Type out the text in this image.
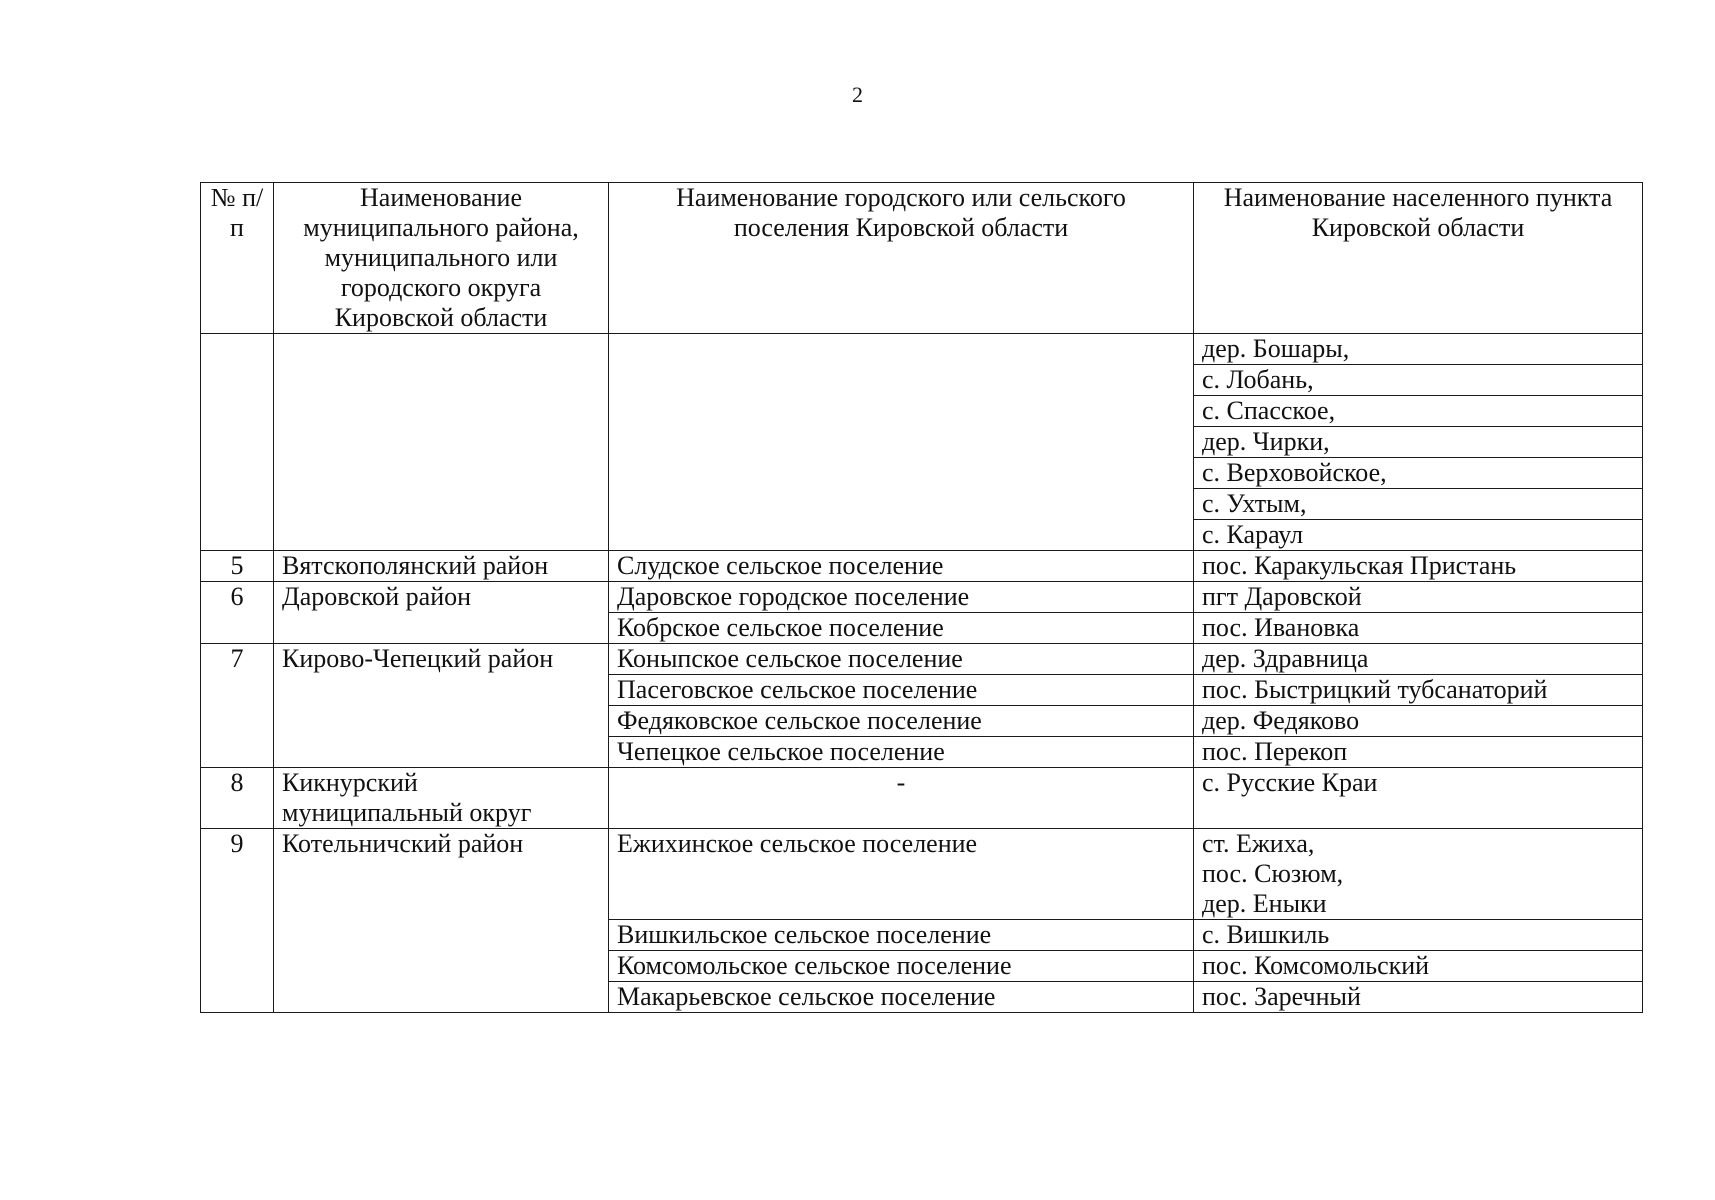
2
№ п/п	Наименование муниципального района, муниципального или городского округа Кировской области	Наименование городского или сельского поселения Кировской области	Наименование населенного пункта Кировской области
			дер. Бошары,
			с. Лобань,
			с. Спасское,
			дер. Чирки,
			с. Верховойское,
			с. Ухтым,
			с. Караул
5	Вятскополянский район	Слудское сельское поселение	пос. Каракульская Пристань
6	Даровской район	Даровское городское поселение	пгт Даровской
		Кобрское сельское поселение	пос. Ивановка
7	Кирово-Чепецкий район	Коныпское сельское поселение	дер. Здравница
		Пасеговское сельское поселение	пос. Быстрицкий тубсанаторий
		Федяковское сельское поселение	дер. Федяково
		Чепецкое сельское поселение	пос. Перекоп
8	Кикнурский муниципальный округ	-	с. Русские Краи
9	Котельничский район	Ежихинское сельское поселение	ст. Ежиха,
пос. Сюзюм,
дер. Еныки

		Вишкильское сельское поселение	с. Вишкиль
		Комсомольское сельское поселение	пос. Комсомольский
		Макарьевское сельское поселение	пос. Заречный
